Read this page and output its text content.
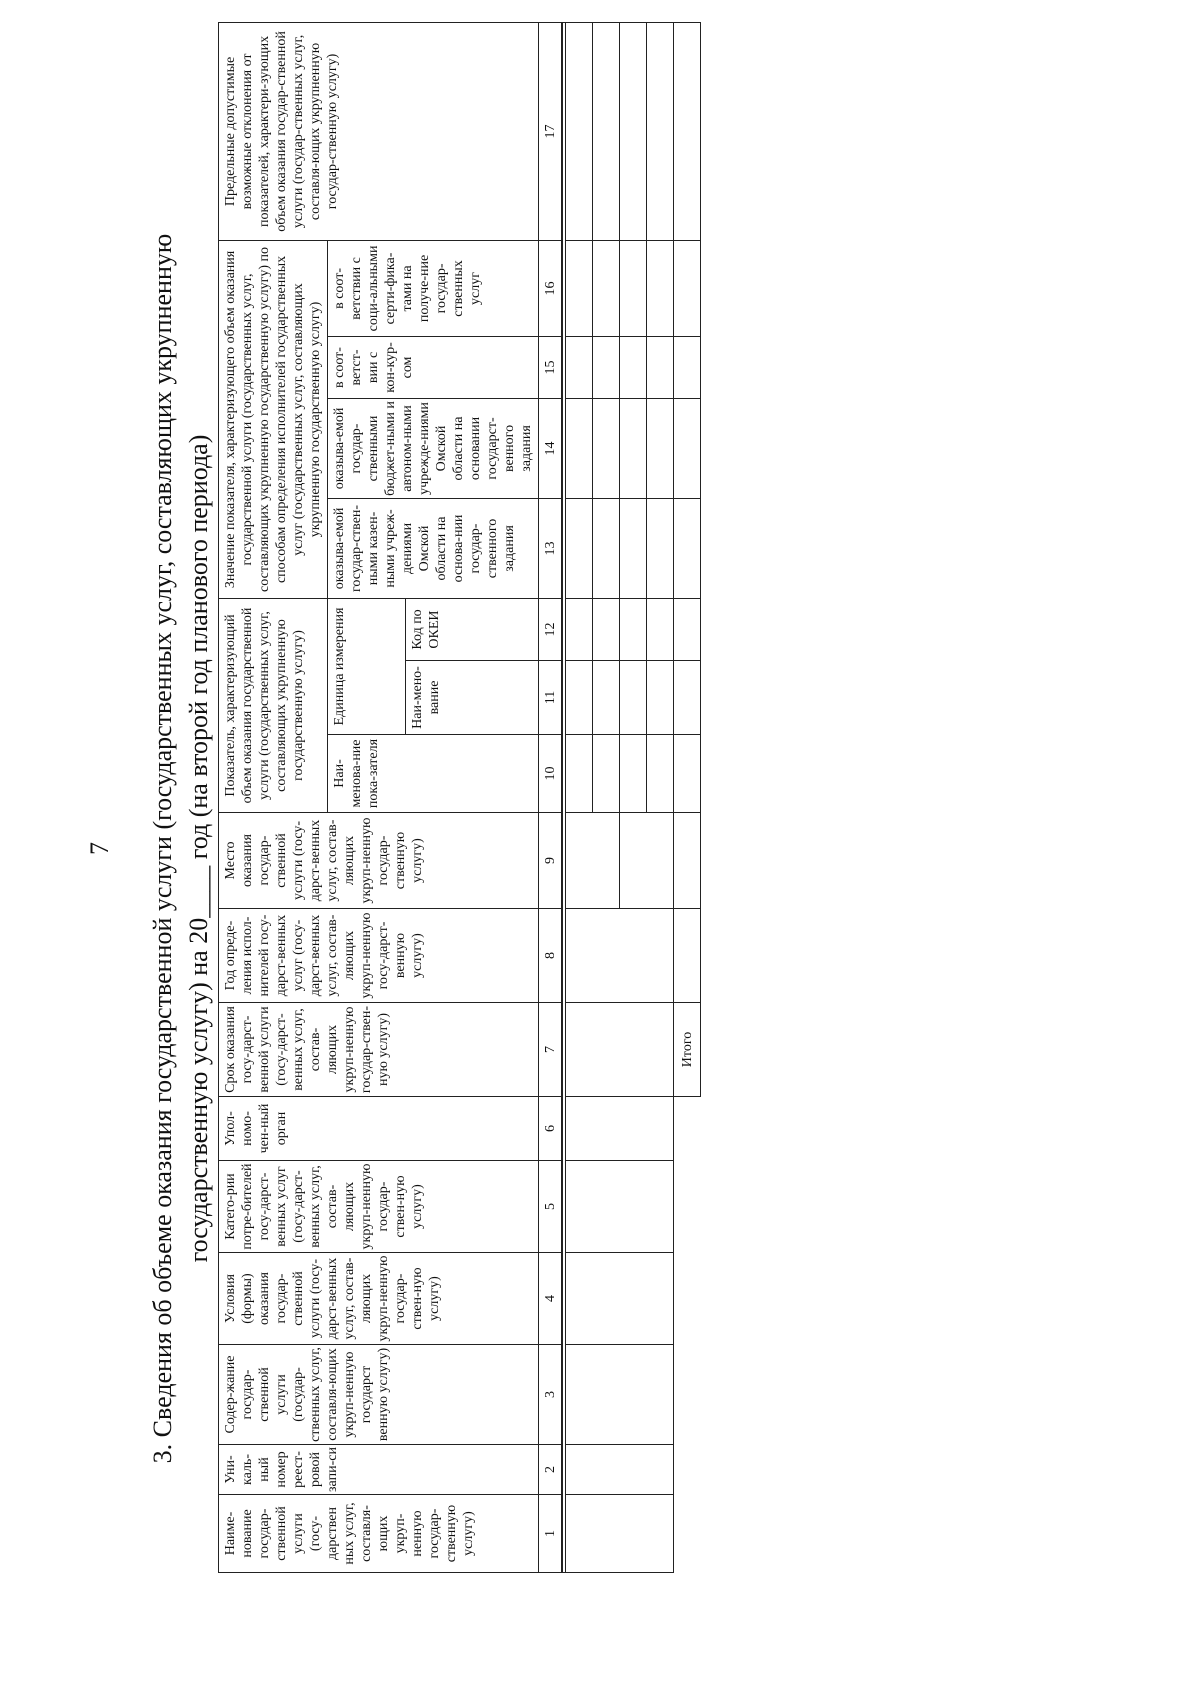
7 3. Сведения об объеме оказания государственной услуги (государственных услуг, составляющих укрупненную государственную услугу) на 20____ год (на второй год планового периода)
Наиме-нование государ-ственной услуги (госу-дарствен ных услуг, составля-ющих укруп-ненную государ-ственную услугу)	Уни-каль-ный номер реест-ровой запи-си	Содер-жание государ-ственной услуги (государ-ственных услуг, составля-ющих укруп-ненную государст венную услугу)	Условия (формы) оказания государ-ственной услуги (госу-дарст-венных услуг, состав-ляющих укруп-ненную государ-ствен-ную услугу)	Катего-рии потре-бителей госу-дарст-венных услуг (госу-дарст-венных услуг, состав-ляющих укруп-ненную государ-ствен-ную услугу)	Упол-номо-чен-ный орган	Срок оказания госу-дарст-венной услуги (госу-дарст-венных услуг, состав-ляющих укруп-ненную государ-ствен-ную услугу)	Год опреде-ления испол-нителей госу-дарст-венных услуг (госу-дарст-венных услуг, состав-ляющих укруп-ненную госу-дарст-венную услугу)	Место оказания государ-ственной услуги (госу-дарст-венных услуг, состав-ляющих укруп-ненную государ-ственную услугу)	Показатель, характеризующий объем оказания государственной услуги (государственных услуг, составляющих укрупненную государственную услугу)			Значение показателя, характеризующего объем оказания государственной услуги (государственных услуг, составляющих укрупненную государственную услугу) по способам определения исполнителей государственных услуг (государственных услуг, составляющих укрупненную государственную услугу)				Предельные допустимые возможные отклонения от показателей, характери-зующих объем оказания государ-ственной услуги (государ-ственных услуг, составля-ющих укрупненную государ-ственную услугу)
									Наи-менова-ние пока-зателя	Единица измерения		оказыва-емой государ-ствен-ными казен-ными учреж-дениями Омской области на основа-нии государ-ственного задания	оказыва-емой государ-ственными бюджет-ными и автоном-ными учрежде-ниями Омской области на основании государст-венного задания	в соот-ветст-вии с кон-кур-сом	в соот-ветствии с соци-альными серти-фика-тами на получе-ние государ-ственных услуг	
										Наи-мено-вание	Код по ОКЕИ					
1	2	3	4	5	6	7	8	9	10	11	12	13	14	15	16	17

						Итого										
